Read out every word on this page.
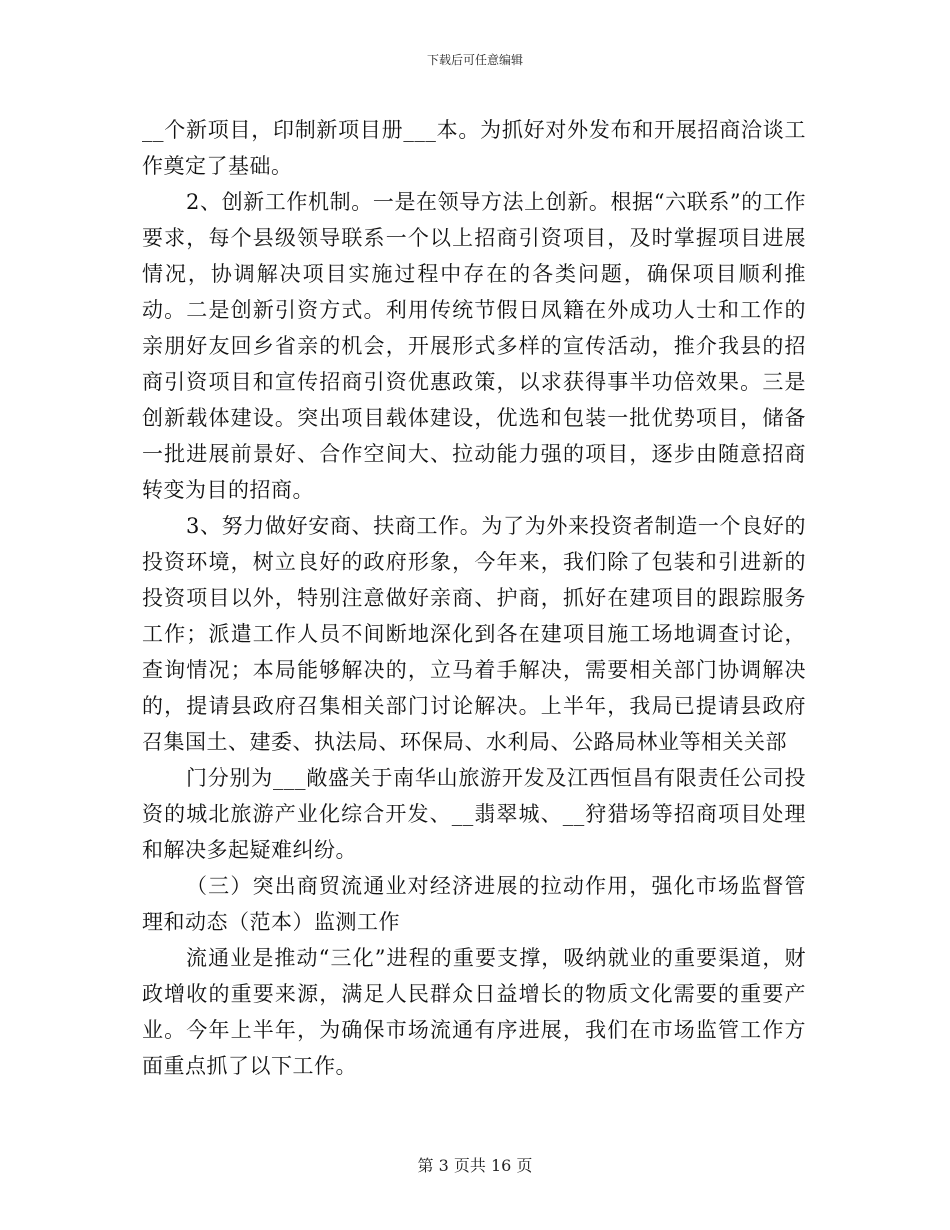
下载后可任意编辑

__个新项目，印制新项目册___本。为抓好对外发布和开展招商洽谈工作奠定了基础。

2、创新工作机制。一是在领导方法上创新。根据“六联系”的工作要求，每个县级领导联系一个以上招商引资项目，及时掌握项目进展情况，协调解决项目实施过程中存在的各类问题，确保项目顺利推动。二是创新引资方式。利用传统节假日凤籍在外成功人士和工作的亲朋好友回乡省亲的机会，开展形式多样的宣传活动，推介我县的招商引资项目和宣传招商引资优惠政策，以求获得事半功倍效果。三是创新载体建设。突出项目载体建设，优选和包装一批优势项目，储备一批进展前景好、合作空间大、拉动能力强的项目，逐步由随意招商转变为目的招商。

3、努力做好安商、扶商工作。为了为外来投资者制造一个良好的投资环境，树立良好的政府形象，今年来，我们除了包装和引进新的投资项目以外，特别注意做好亲商、护商，抓好在建项目的跟踪服务工作；派遣工作人员不间断地深化到各在建项目施工场地调查讨论，查询情况；本局能够解决的，立马着手解决，需要相关部门协调解决的，提请县政府召集相关部门讨论解决。上半年，我局已提请县政府召集国土、建委、执法局、环保局、水利局、公路局林业等相关关部

门分别为___敞盛关于南华山旅游开发及江西恒昌有限责任公司投资的城北旅游产业化综合开发、__翡翠城、__狩猎场等招商项目处理和解决多起疑难纠纷。

（三）突出商贸流通业对经济进展的拉动作用，强化市场监督管理和动态（范本）监测工作

流通业是推动“三化”进程的重要支撑，吸纳就业的重要渠道，财政增收的重要来源，满足人民群众日益增长的物质文化需要的重要产业。今年上半年，为确保市场流通有序进展，我们在市场监管工作方面重点抓了以下工作。

第 3 页共 16 页
